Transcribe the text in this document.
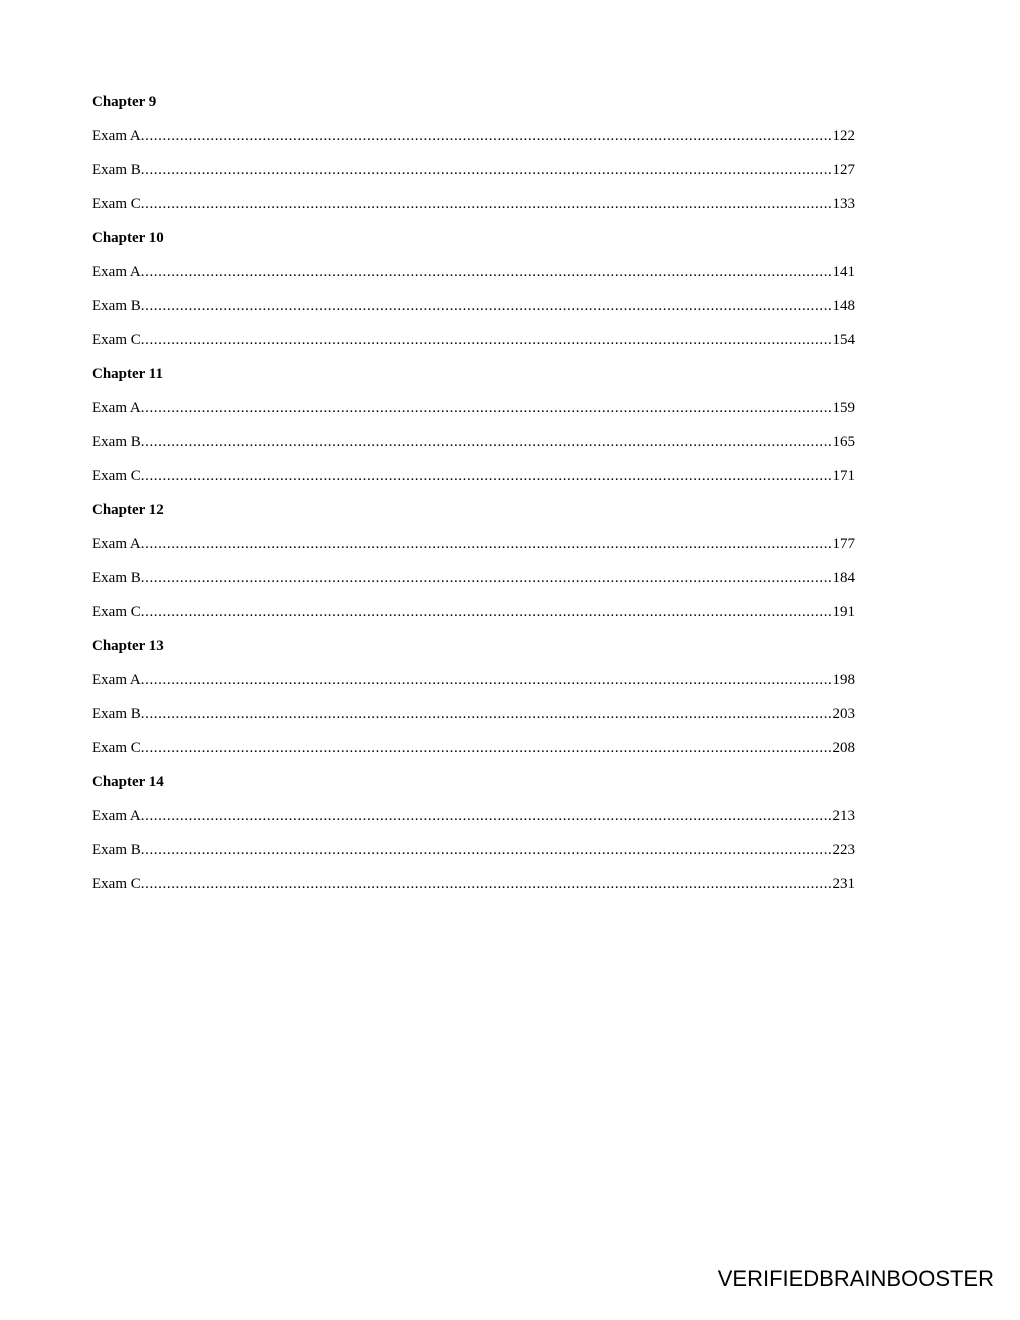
Chapter 9
Exam A .....	122
Exam B .....	127
Exam C .....	133
Chapter 10
Exam A .....	141
Exam B .....	148
Exam C .....	154
Chapter 11
Exam A .....	159
Exam B .....	165
Exam C .....	171
Chapter 12
Exam A .....	177
Exam B .....	184
Exam C .....	191
Chapter 13
Exam A .....	198
Exam B .....	203
Exam C .....	208
Chapter 14
Exam A .....	213
Exam B .....	223
Exam C .....	231
VERIFIEDBRAINBOOSTER
